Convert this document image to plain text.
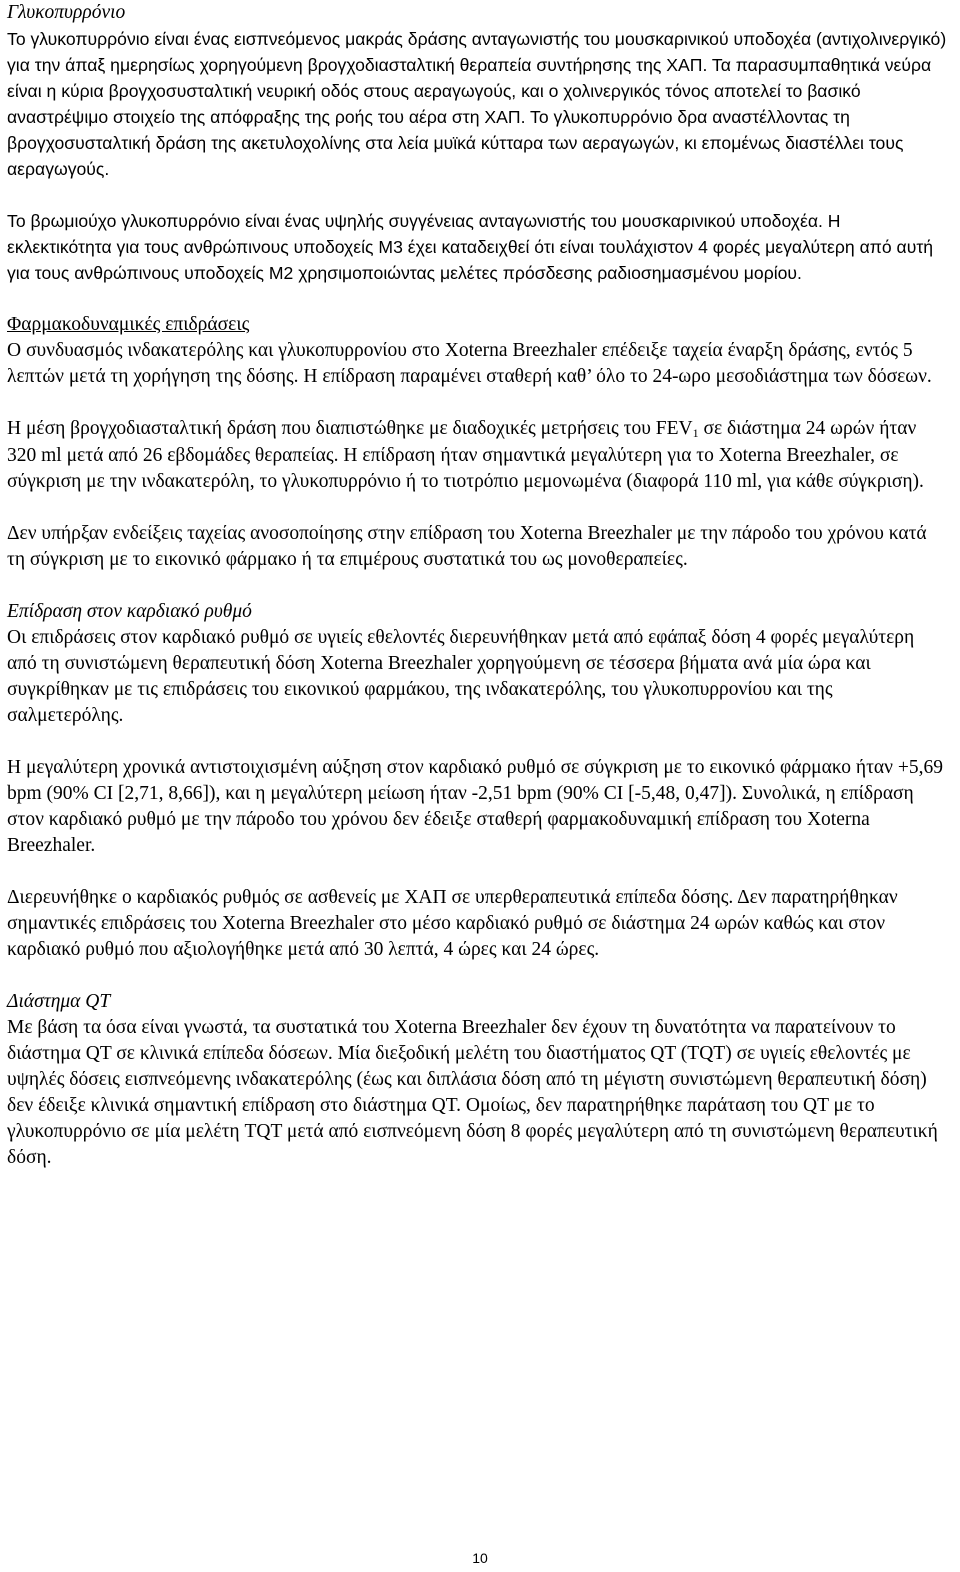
Γλυκοπυρρόνιο

Το γλυκοπυρρόνιο είναι ένας εισπνεόμενος μακράς δράσης ανταγωνιστής του μουσκαρινικού υποδοχέα (αντιχολινεργικό) για την άπαξ ημερησίως χορηγούμενη βρογχοδιασταλτική θεραπεία συντήρησης της ΧΑΠ. Τα παρασυμπαθητικά νεύρα είναι η κύρια βρογχοσυσταλτική νευρική οδός στους αεραγωγούς, και ο χολινεργικός τόνος αποτελεί το βασικό αναστρέψιμο στοιχείο της απόφραξης της ροής του αέρα στη ΧΑΠ. Το γλυκοπυρρόνιο δρα αναστέλλοντας τη βρογχοσυσταλτική δράση της ακετυλοχολίνης στα λεία μυϊκά κύτταρα των αεραγωγών, κι επομένως διαστέλλει τους αεραγωγούς.

Το βρωμιούχο γλυκοπυρρόνιο είναι ένας υψηλής συγγένειας ανταγωνιστής του μουσκαρινικού υποδοχέα. Η εκλεκτικότητα για τους ανθρώπινους υποδοχείς Μ3 έχει καταδειχθεί ότι είναι τουλάχιστον 4 φορές μεγαλύτερη από αυτή για τους ανθρώπινους υποδοχείς Μ2 χρησιμοποιώντας μελέτες πρόσδεσης ραδιοσημασμένου μορίου.

Φαρμακοδυναμικές επιδράσεις

Ο συνδυασμός ινδακατερόλης και γλυκοπυρρονίου στο Xoterna Breezhaler επέδειξε ταχεία έναρξη δράσης, εντός 5 λεπτών μετά τη χορήγηση της δόσης. Η επίδραση παραμένει σταθερή καθ’ όλο το 24-ωρο μεσοδιάστημα των δόσεων.

Η μέση βρογχοδιασταλτική δράση που διαπιστώθηκε με διαδοχικές μετρήσεις του FEV1 σε διάστημα 24 ωρών ήταν 320 ml μετά από 26 εβδομάδες θεραπείας. Η επίδραση ήταν σημαντικά μεγαλύτερη για το Xoterna Breezhaler, σε σύγκριση με την ινδακατερόλη, το γλυκοπυρρόνιο ή το τιοτρόπιο μεμονωμένα (διαφορά 110 ml, για κάθε σύγκριση).

Δεν υπήρξαν ενδείξεις ταχείας ανοσοποίησης στην επίδραση του Xoterna Breezhaler με την πάροδο του χρόνου κατά τη σύγκριση με το εικονικό φάρμακο ή τα επιμέρους συστατικά του ως μονοθεραπείες.

Επίδραση στον καρδιακό ρυθμό

Οι επιδράσεις στον καρδιακό ρυθμό σε υγιείς εθελοντές διερευνήθηκαν μετά από εφάπαξ δόση 4 φορές μεγαλύτερη από τη συνιστώμενη θεραπευτική δόση Xoterna Breezhaler χορηγούμενη σε τέσσερα βήματα ανά μία ώρα και συγκρίθηκαν με τις επιδράσεις του εικονικού φαρμάκου, της ινδακατερόλης, του γλυκοπυρρονίου και της σαλμετερόλης.

Η μεγαλύτερη χρονικά αντιστοιχισμένη αύξηση στον καρδιακό ρυθμό σε σύγκριση με το εικονικό φάρμακο ήταν +5,69 bpm (90% CI [2,71, 8,66]), και η μεγαλύτερη μείωση ήταν -2,51 bpm (90% CI [-5,48, 0,47]). Συνολικά, η επίδραση στον καρδιακό ρυθμό με την πάροδο του χρόνου δεν έδειξε σταθερή φαρμακοδυναμική επίδραση του Xoterna Breezhaler.

Διερευνήθηκε ο καρδιακός ρυθμός σε ασθενείς με ΧΑΠ σε υπερθεραπευτικά επίπεδα δόσης. Δεν παρατηρήθηκαν σημαντικές επιδράσεις του Xoterna Breezhaler στο μέσο καρδιακό ρυθμό σε διάστημα 24 ωρών καθώς και στον καρδιακό ρυθμό που αξιολογήθηκε μετά από 30 λεπτά, 4 ώρες και 24 ώρες.

Διάστημα QT

Με βάση τα όσα είναι γνωστά, τα συστατικά του Xoterna Breezhaler δεν έχουν τη δυνατότητα να παρατείνουν το διάστημα QT σε κλινικά επίπεδα δόσεων. Μία διεξοδική μελέτη του διαστήματος QT (TQT) σε υγιείς εθελοντές με υψηλές δόσεις εισπνεόμενης ινδακατερόλης (έως και διπλάσια δόση από τη μέγιστη συνιστώμενη θεραπευτική δόση) δεν έδειξε κλινικά σημαντική επίδραση στο διάστημα QT. Ομοίως, δεν παρατηρήθηκε παράταση του QT με το γλυκοπυρρόνιο σε μία μελέτη TQT μετά από εισπνεόμενη δόση 8 φορές μεγαλύτερη από τη συνιστώμενη θεραπευτική δόση.

10
